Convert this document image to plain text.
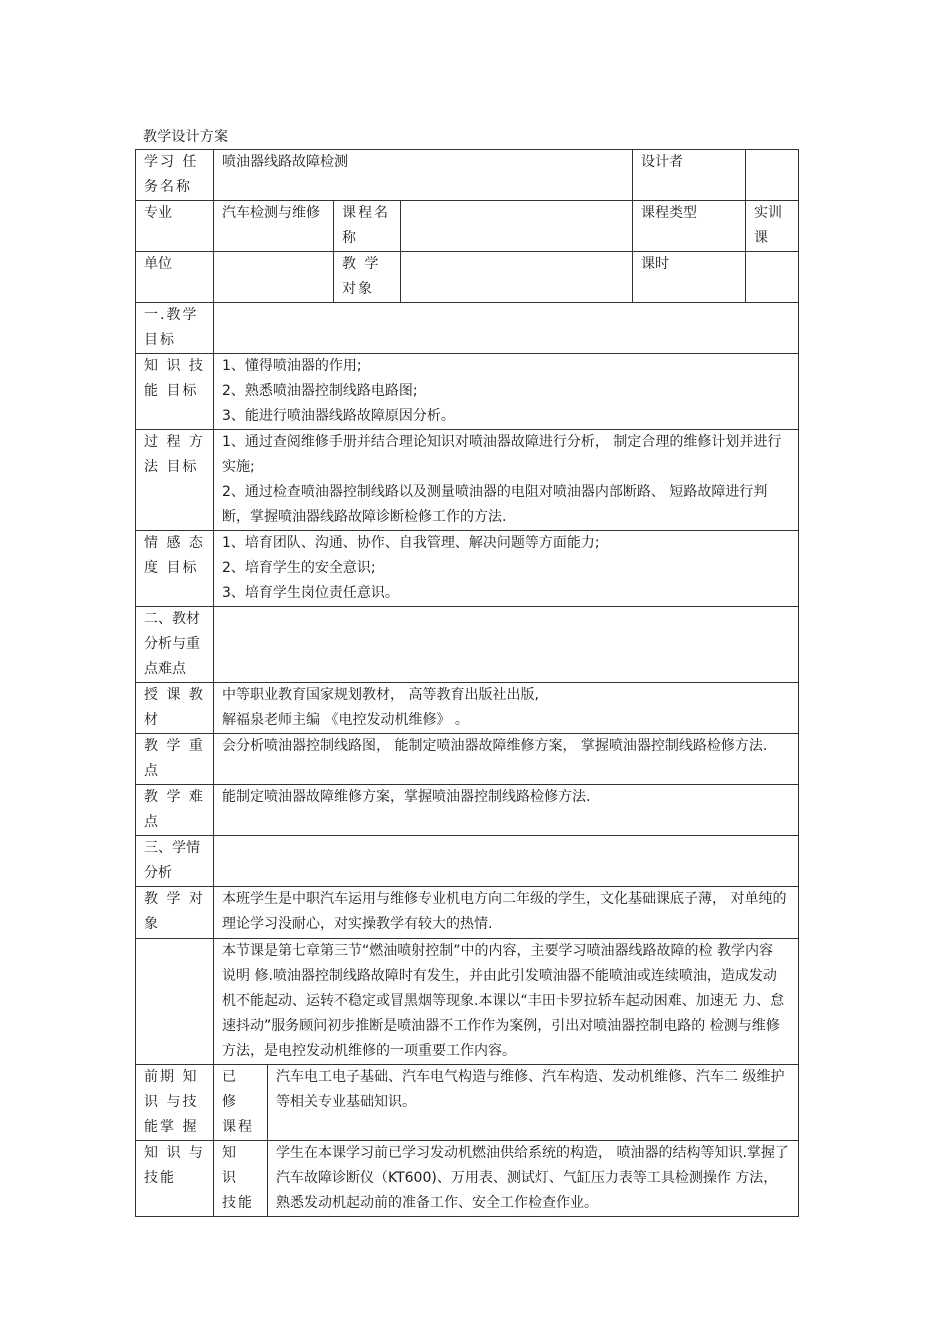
教学设计方案
学习 任 务名称	喷油器线路故障检测				设计者	
专业	汽车检测与维修		课程名称		课程类型	实训课
单位			教 学 对象		课时	
一.教学目标						
知 识 技 能 目标	1、懂得喷油器的作用;
2、熟悉喷油器控制线路电路图;
3、能进行喷油器线路故障原因分析。					

过 程 方 法 目标	1、通过查阅维修手册并结合理论知识对喷油器故障进行分析， 制定合理的维修计划并进行实施;
2、通过检查喷油器控制线路以及测量喷油器的电阻对喷油器内部断路、 短路故障进行判断，掌握喷油器线路故障诊断检修工作的方法.					

情 感 态 度 目标	1、培育团队、沟通、协作、自我管理、解决问题等方面能力;
2、培育学生的安全意识;
3、培育学生岗位责任意识。					

二、教材分析与重点难点						
授 课 教 材	中等职业教育国家规划教材， 高等教育出版社出版,
解福泉老师主编 《电控发动机维修》 。					

教 学 重 点	会分析喷油器控制线路图， 能制定喷油器故障维修方案， 掌握喷油器控制线路检修方法.					
教 学 难 点	能制定喷油器故障维修方案，掌握喷油器控制线路检修方法.					
三、学情分析						
教 学 对 象	本班学生是中职汽车运用与维修专业机电方向二年级的学生，文化基础课底子薄， 对单纯的理论学习没耐心，对实操教学有较大的热情.					
	本节课是第七章第三节“燃油喷射控制”中的内容，主要学习喷油器线路故障的检 教学内容 说明 修.喷油器控制线路故障时有发生，并由此引发喷油器不能喷油或连续喷油，造成发动 机不能起动、运转不稳定或冒黑烟等现象.本课以“丰田卡罗拉轿车起动困难、加速无 力、怠速抖动”服务顾问初步推断是喷油器不工作作为案例，引出对喷油器控制电路的 检测与维修方法，是电控发动机维修的一项重要工作内容。					
前期 知 识 与技能掌 握	已 修 课程	汽车电工电子基础、汽车电气构造与维修、汽车构造、发动机维修、汽车二 级维护等相关专业基础知识。				
知 识 与 技能	知 识 技能	学生在本课学习前已学习发动机燃油供给系统的构造， 喷油器的结构等知识.掌握了汽车故障诊断仪（KT600)、万用表、测试灯、气缸压力表等工具检测操作 方法，熟悉发动机起动前的准备工作、安全工作检查作业。				
